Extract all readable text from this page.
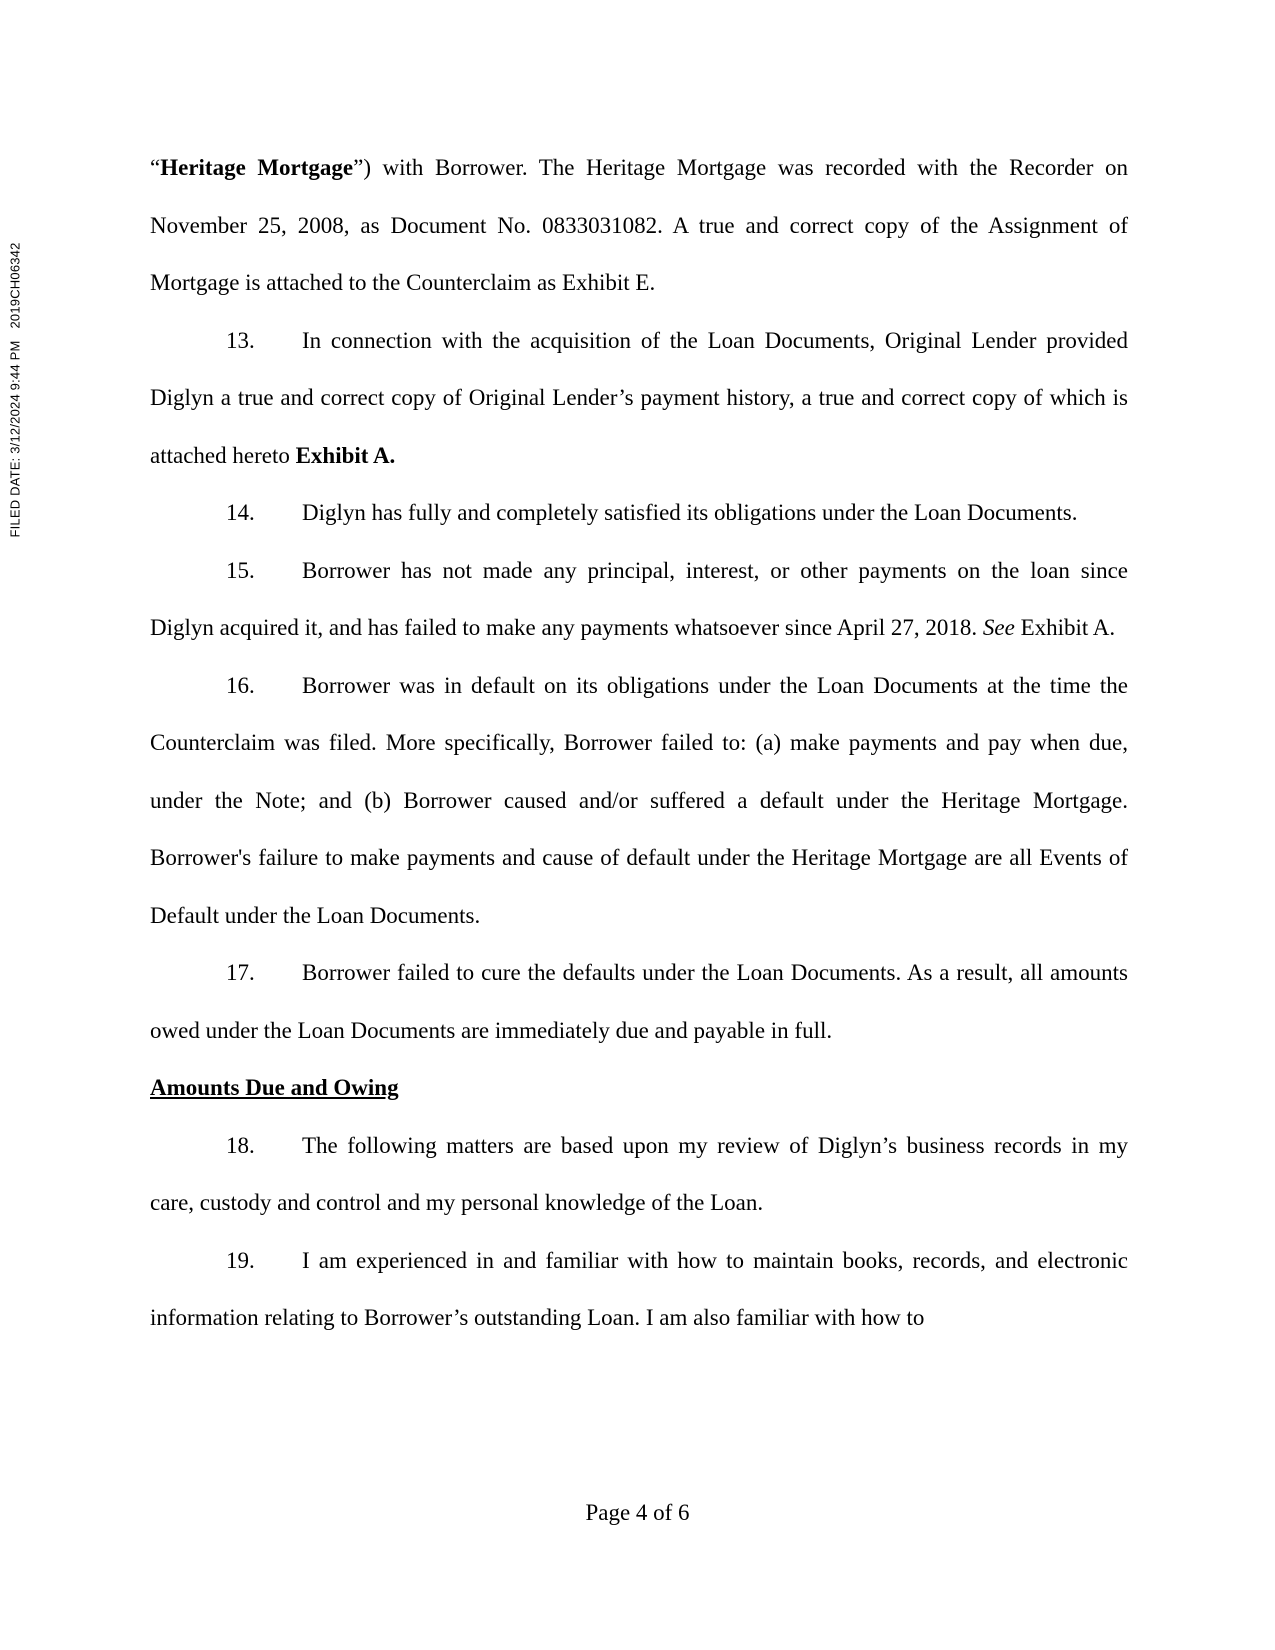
FILED DATE: 3/12/2024 9:44 PM2019CH06342

“Heritage Mortgage”) with Borrower. The Heritage Mortgage was recorded with the Recorder on November 25, 2008, as Document No. 0833031082. A true and correct copy of the Assignment of Mortgage is attached to the Counterclaim as Exhibit E.

13. In connection with the acquisition of the Loan Documents, Original Lender provided Diglyn a true and correct copy of Original Lender’s payment history, a true and correct copy of which is attached hereto Exhibit A.

14. Diglyn has fully and completely satisfied its obligations under the Loan Documents.

15. Borrower has not made any principal, interest, or other payments on the loan since Diglyn acquired it, and has failed to make any payments whatsoever since April 27, 2018. See Exhibit A.

16. Borrower was in default on its obligations under the Loan Documents at the time the Counterclaim was filed. More specifically, Borrower failed to: (a) make payments and pay when due, under the Note; and (b) Borrower caused and/or suffered a default under the Heritage Mortgage. Borrower's failure to make payments and cause of default under the Heritage Mortgage are all Events of Default under the Loan Documents.

17. Borrower failed to cure the defaults under the Loan Documents. As a result, all amounts owed under the Loan Documents are immediately due and payable in full.

Amounts Due and Owing

18. The following matters are based upon my review of Diglyn’s business records in my care, custody and control and my personal knowledge of the Loan.

19. I am experienced in and familiar with how to maintain books, records, and electronic information relating to Borrower’s outstanding Loan. I am also familiar with how to

Page 4 of 6
